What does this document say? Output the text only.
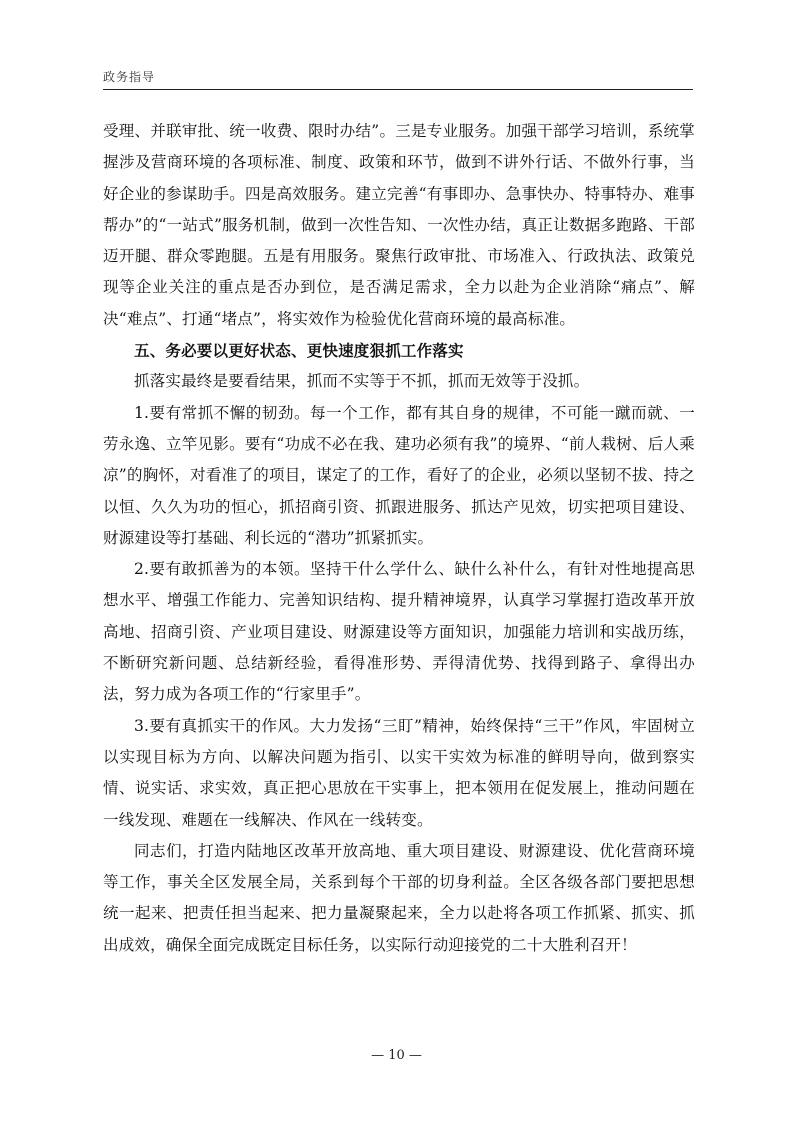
政务指导

受理、并联审批、统一收费、限时办结”。三是专业服务。加强干部学习培训，系统掌握涉及营商环境的各项标准、制度、政策和环节，做到不讲外行话、不做外行事，当好企业的参谋助手。四是高效服务。建立完善“有事即办、急事快办、特事特办、难事帮办”的“一站式”服务机制，做到一次性告知、一次性办结，真正让数据多跑路、干部迈开腿、群众零跑腿。五是有用服务。聚焦行政审批、市场准入、行政执法、政策兑现等企业关注的重点是否办到位，是否满足需求，全力以赴为企业消除“痛点”、解决“难点”、打通“堵点”，将实效作为检验优化营商环境的最高标准。

五、务必要以更好状态、更快速度狠抓工作落实

抓落实最终是要看结果，抓而不实等于不抓，抓而无效等于没抓。

1.要有常抓不懈的韧劲。每一个工作，都有其自身的规律，不可能一蹴而就、一劳永逸、立竿见影。要有“功成不必在我、建功必须有我”的境界、“前人栽树、后人乘凉”的胸怀，对看准了的项目，谋定了的工作，看好了的企业，必须以坚韧不拔、持之以恒、久久为功的恒心，抓招商引资、抓跟进服务、抓达产见效，切实把项目建设、财源建设等打基础、利长远的“潜功”抓紧抓实。

2.要有敢抓善为的本领。坚持干什么学什么、缺什么补什么，有针对性地提高思想水平、增强工作能力、完善知识结构、提升精神境界，认真学习掌握打造改革开放高地、招商引资、产业项目建设、财源建设等方面知识，加强能力培训和实战历练，不断研究新问题、总结新经验，看得准形势、弄得清优势、找得到路子、拿得出办法，努力成为各项工作的“行家里手”。

3.要有真抓实干的作风。大力发扬“三盯”精神，始终保持“三干”作风，牢固树立以实现目标为方向、以解决问题为指引、以实干实效为标准的鲜明导向，做到察实情、说实话、求实效，真正把心思放在干实事上，把本领用在促发展上，推动问题在一线发现、难题在一线解决、作风在一线转变。

同志们，打造内陆地区改革开放高地、重大项目建设、财源建设、优化营商环境等工作，事关全区发展全局，关系到每个干部的切身利益。全区各级各部门要把思想统一起来、把责任担当起来、把力量凝聚起来，全力以赴将各项工作抓紧、抓实、抓出成效，确保全面完成既定目标任务，以实际行动迎接党的二十大胜利召开！

— 10 —
